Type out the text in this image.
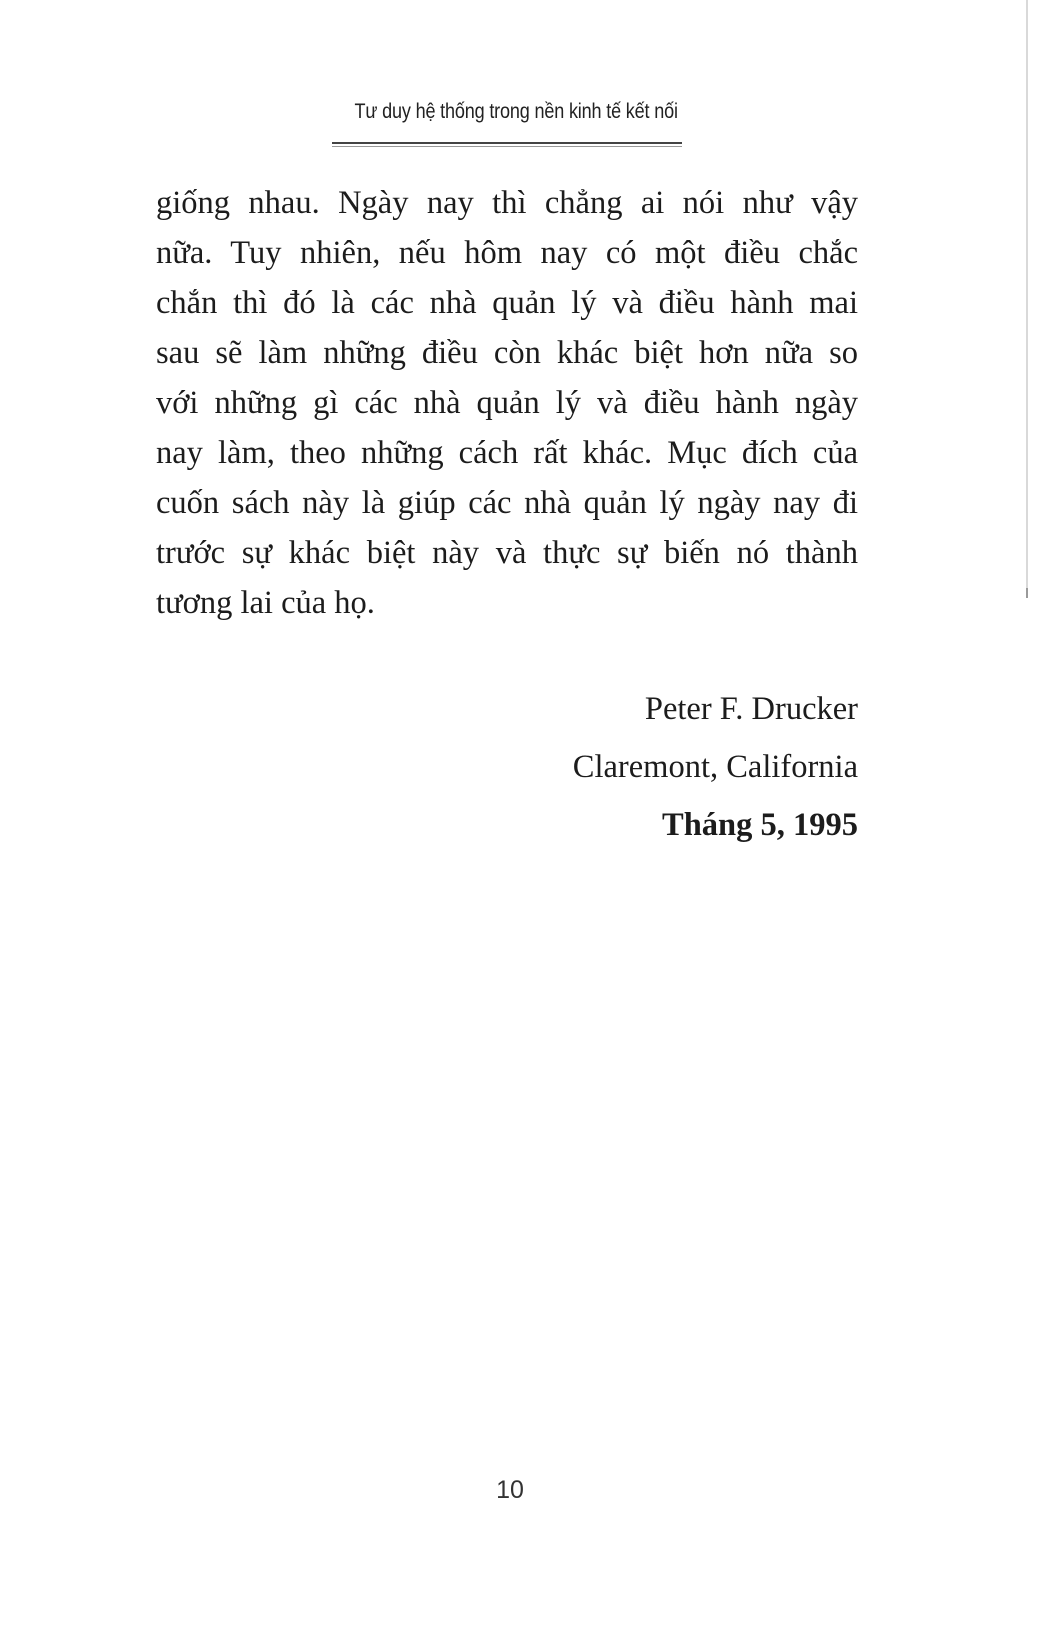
Tư duy hệ thống trong nền kinh tế kết nối
giống nhau. Ngày nay thì chẳng ai nói như vậy
nữa. Tuy nhiên, nếu hôm nay có một điều chắc
chắn thì đó là các nhà quản lý và điều hành mai
sau sẽ làm những điều còn khác biệt hơn nữa so
với những gì các nhà quản lý và điều hành ngày
nay làm, theo những cách rất khác. Mục đích của
cuốn sách này là giúp các nhà quản lý ngày nay đi
trước sự khác biệt này và thực sự biến nó thành
tương lai của họ.
Peter F. Drucker
Claremont, California
Tháng 5, 1995
10
